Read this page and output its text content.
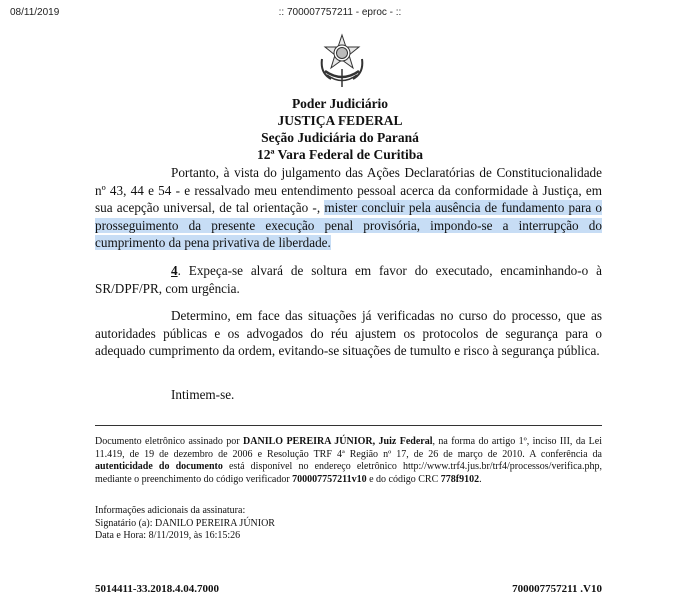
08/11/2019	:: 700007757211 - eproc - ::
Poder Judiciário
JUSTIÇA FEDERAL
Seção Judiciária do Paraná
12ª Vara Federal de Curitiba

Portanto, à vista do julgamento das Ações Declaratórias de Constitucionalidade nº 43, 44 e 54 - e ressalvado meu entendimento pessoal acerca da conformidade à Justiça, em sua acepção universal, de tal orientação -, mister concluir pela ausência de fundamento para o prosseguimento da presente execução penal provisória, impondo-se a interrupção do cumprimento da pena privativa de liberdade.

4. Expeça-se alvará de soltura em favor do executado, encaminhando-o à SR/DPF/PR, com urgência.

Determino, em face das situações já verificadas no curso do processo, que as autoridades públicas e os advogados do réu ajustem os protocolos de segurança para o adequado cumprimento da ordem, evitando-se situações de tumulto e risco à segurança pública.

Intimem-se.

Documento eletrônico assinado por DANILO PEREIRA JÚNIOR, Juiz Federal, na forma do artigo 1º, inciso III, da Lei 11.419, de 19 de dezembro de 2006 e Resolução TRF 4ª Região nº 17, de 26 de março de 2010. A conferência da autenticidade do documento está disponível no endereço eletrônico http://www.trf4.jus.br/trf4/processos/verifica.php, mediante o preenchimento do código verificador 700007757211v10 e do código CRC 778f9102.

Informações adicionais da assinatura:
Signatário (a): DANILO PEREIRA JÚNIOR
Data e Hora: 8/11/2019, às 16:15:26
5014411-33.2018.4.04.7000	700007757211 .V10
